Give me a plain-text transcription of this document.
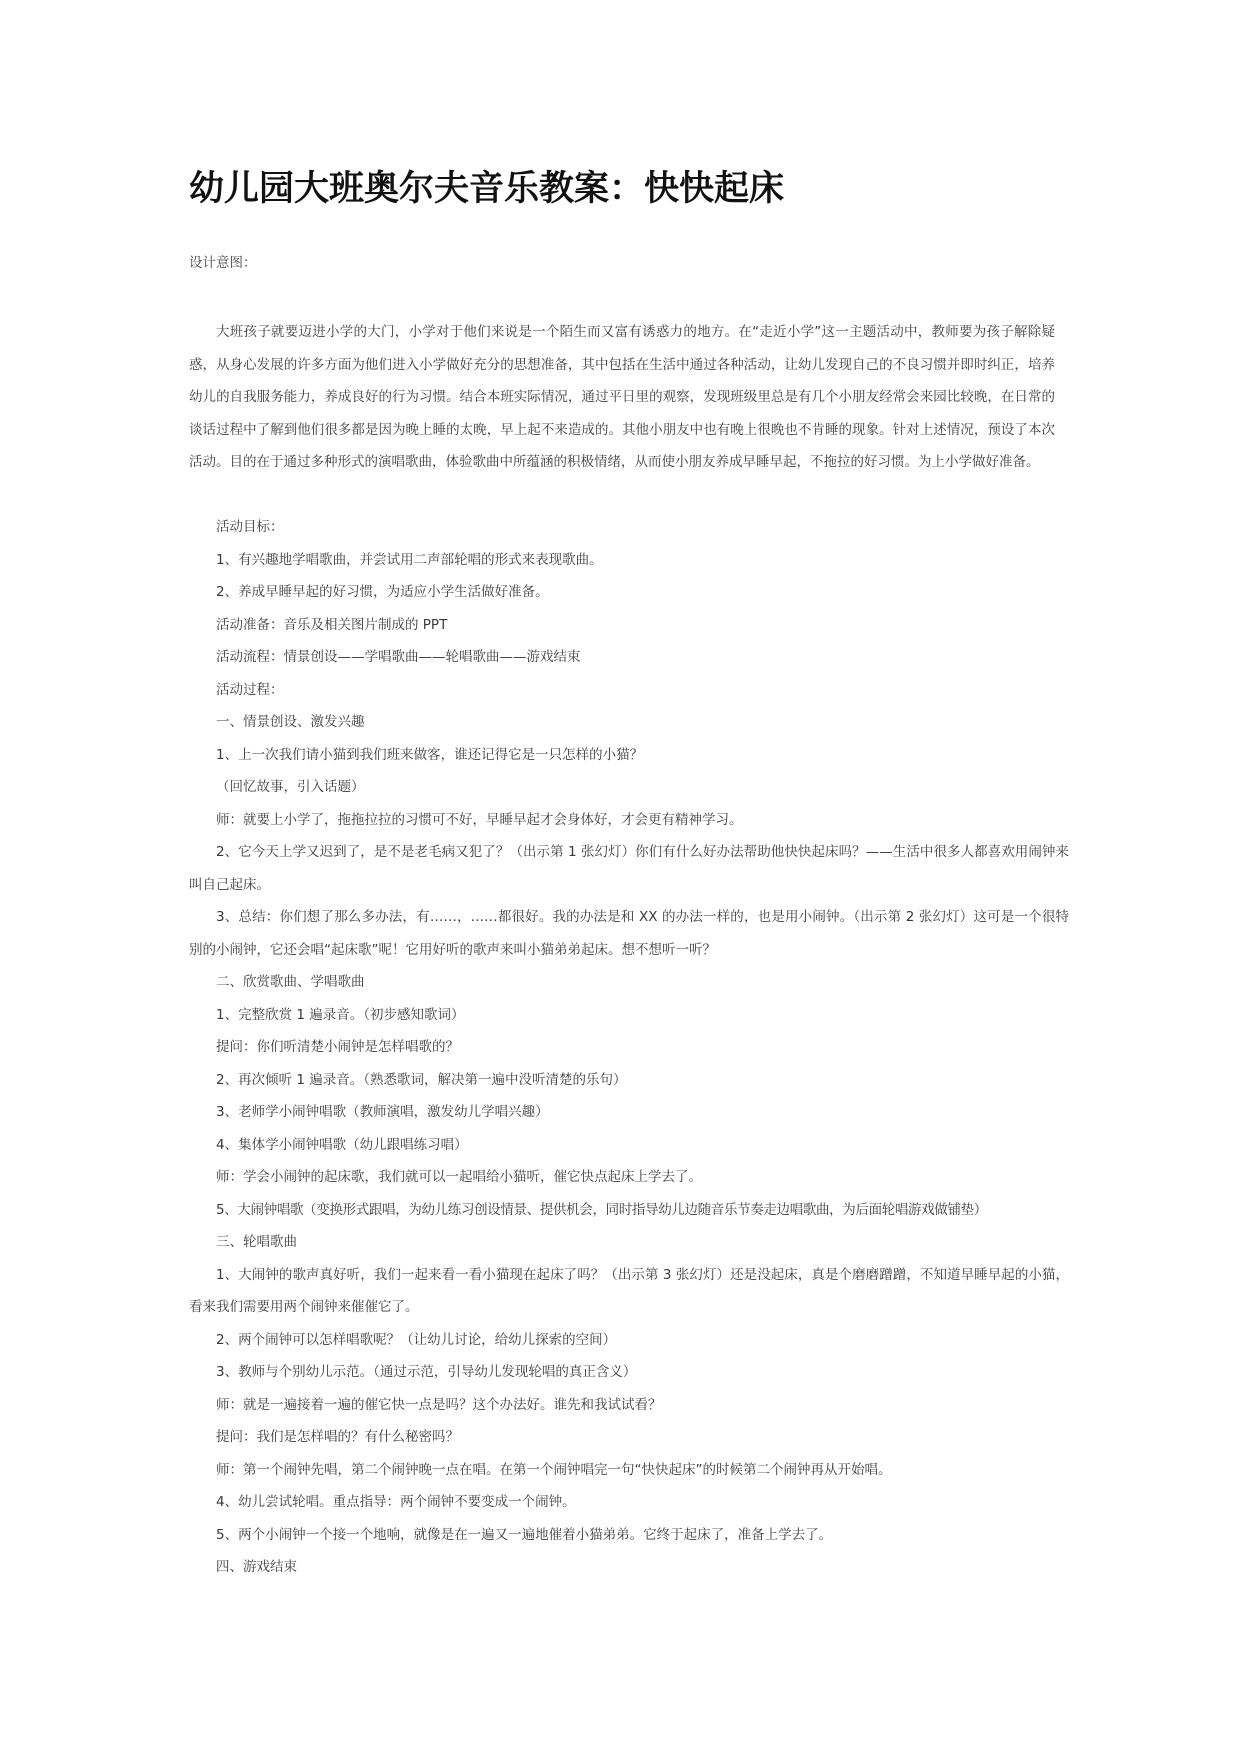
幼儿园大班奥尔夫音乐教案：快快起床
设计意图：

大班孩子就要迈进小学的大门，小学对于他们来说是一个陌生而又富有诱惑力的地方。在“走近小学”这一主题活动中，教师要为孩子解除疑惑，从身心发展的许多方面为他们进入小学做好充分的思想准备，其中包括在生活中通过各种活动，让幼儿发现自己的不良习惯并即时纠正，培养幼儿的自我服务能力，养成良好的行为习惯。结合本班实际情况，通过平日里的观察，发现班级里总是有几个小朋友经常会来园比较晚，在日常的谈话过程中了解到他们很多都是因为晚上睡的太晚，早上起不来造成的。其他小朋友中也有晚上很晚也不肯睡的现象。针对上述情况，预设了本次活动。目的在于通过多种形式的演唱歌曲，体验歌曲中所蕴涵的积极情绪，从而使小朋友养成早睡早起，不拖拉的好习惯。为上小学做好准备。

活动目标：

1、有兴趣地学唱歌曲，并尝试用二声部轮唱的形式来表现歌曲。

2、养成早睡早起的好习惯，为适应小学生活做好准备。

活动准备：音乐及相关图片制成的 PPT

活动流程：情景创设——学唱歌曲——轮唱歌曲——游戏结束

活动过程：

一、情景创设、激发兴趣

1、上一次我们请小猫到我们班来做客，谁还记得它是一只怎样的小猫？

（回忆故事，引入话题）

师：就要上小学了，拖拖拉拉的习惯可不好，早睡早起才会身体好，才会更有精神学习。

2、它今天上学又迟到了，是不是老毛病又犯了？（出示第 1 张幻灯）你们有什么好办法帮助他快快起床吗？——生活中很多人都喜欢用闹钟来叫自己起床。

3、总结：你们想了那么多办法，有……，……都很好。我的办法是和 XX 的办法一样的，也是用小闹钟。（出示第 2 张幻灯）这可是一个很特别的小闹钟，它还会唱“起床歌”呢！它用好听的歌声来叫小猫弟弟起床。想不想听一听？

二、欣赏歌曲、学唱歌曲

1、完整欣赏 1 遍录音。（初步感知歌词）

提问：你们听清楚小闹钟是怎样唱歌的？

2、再次倾听 1 遍录音。（熟悉歌词，解决第一遍中没听清楚的乐句）

3、老师学小闹钟唱歌（教师演唱，激发幼儿学唱兴趣）

4、集体学小闹钟唱歌（幼儿跟唱练习唱）

师：学会小闹钟的起床歌，我们就可以一起唱给小猫听，催它快点起床上学去了。

5、大闹钟唱歌（变换形式跟唱，为幼儿练习创设情景、提供机会，同时指导幼儿边随音乐节奏走边唱歌曲，为后面轮唱游戏做铺垫）

三、轮唱歌曲

1、大闹钟的歌声真好听，我们一起来看一看小猫现在起床了吗？（出示第 3 张幻灯）还是没起床，真是个磨磨蹭蹭，不知道早睡早起的小猫，看来我们需要用两个闹钟来催催它了。

2、两个闹钟可以怎样唱歌呢？（让幼儿讨论，给幼儿探索的空间）

3、教师与个别幼儿示范。（通过示范，引导幼儿发现轮唱的真正含义）

师：就是一遍接着一遍的催它快一点是吗？这个办法好。谁先和我试试看？

提问：我们是怎样唱的？有什么秘密吗？

师：第一个闹钟先唱，第二个闹钟晚一点在唱。在第一个闹钟唱完一句“快快起床”的时候第二个闹钟再从开始唱。

4、幼儿尝试轮唱。重点指导：两个闹钟不要变成一个闹钟。

5、两个小闹钟一个接一个地响，就像是在一遍又一遍地催着小猫弟弟。它终于起床了，准备上学去了。

四、游戏结束
